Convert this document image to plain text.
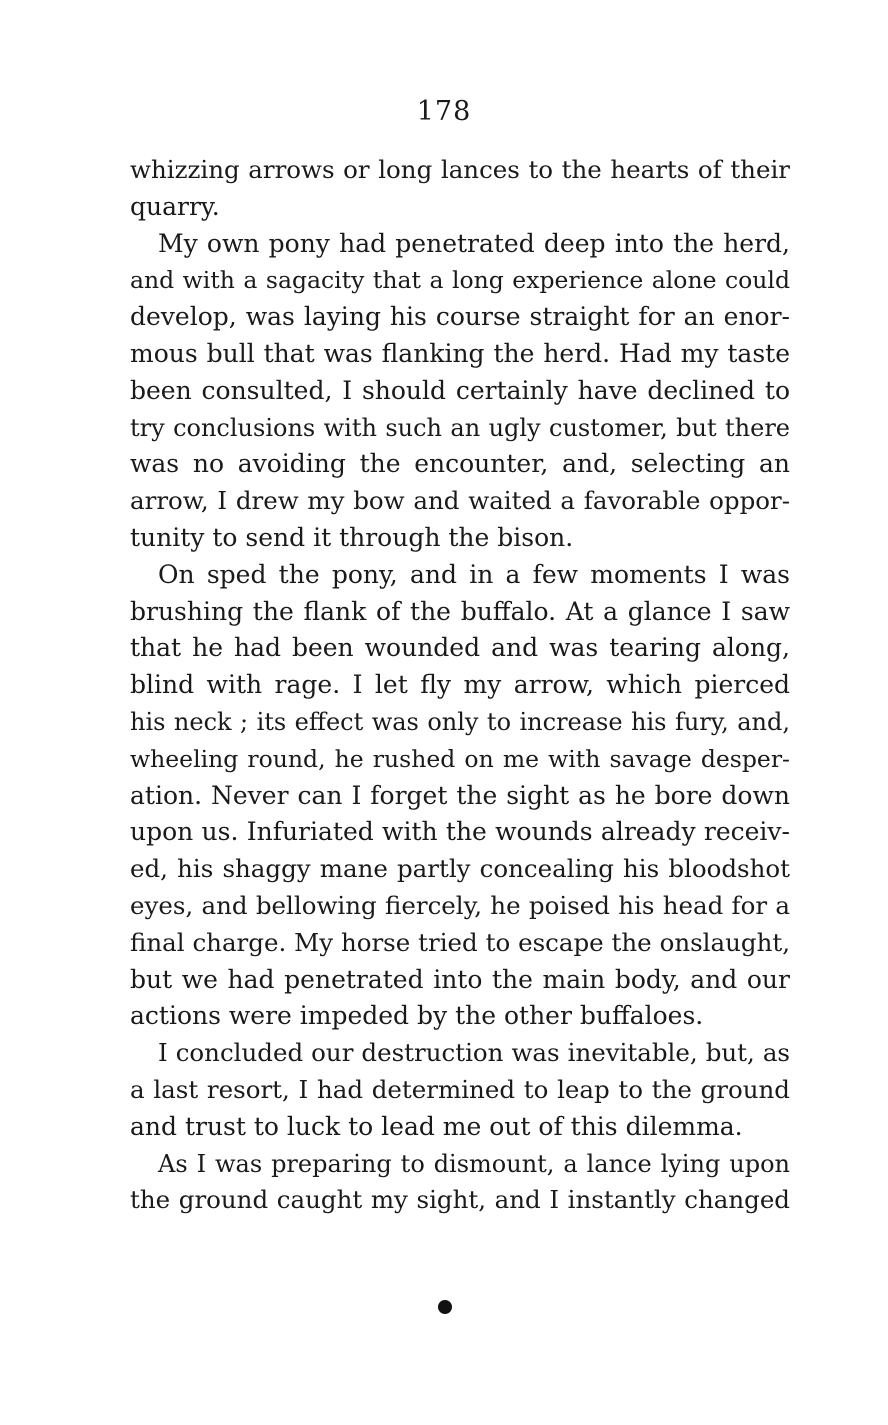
178
whizzing arrows or long lances to the hearts of their
quarry.
My own pony had penetrated deep into the herd,
and with a sagacity that a long experience alone could
develop, was laying his course straight for an enor-
mous bull that was flanking the herd. Had my taste
been consulted, I should certainly have declined to
try conclusions with such an ugly customer, but there
was no avoiding the encounter, and, selecting an
arrow, I drew my bow and waited a favorable oppor-
tunity to send it through the bison.
On sped the pony, and in a few moments I was
brushing the flank of the buffalo. At a glance I saw
that he had been wounded and was tearing along,
blind with rage. I let fly my arrow, which pierced
his neck ; its effect was only to increase his fury, and,
wheeling round, he rushed on me with savage desper-
ation. Never can I forget the sight as he bore down
upon us. Infuriated with the wounds already receiv-
ed, his shaggy mane partly concealing his bloodshot
eyes, and bellowing fiercely, he poised his head for a
final charge. My horse tried to escape the onslaught,
but we had penetrated into the main body, and our
actions were impeded by the other buffaloes.
I concluded our destruction was inevitable, but, as
a last resort, I had determined to leap to the ground
and trust to luck to lead me out of this dilemma.
As I was preparing to dismount, a lance lying upon
the ground caught my sight, and I instantly changed
